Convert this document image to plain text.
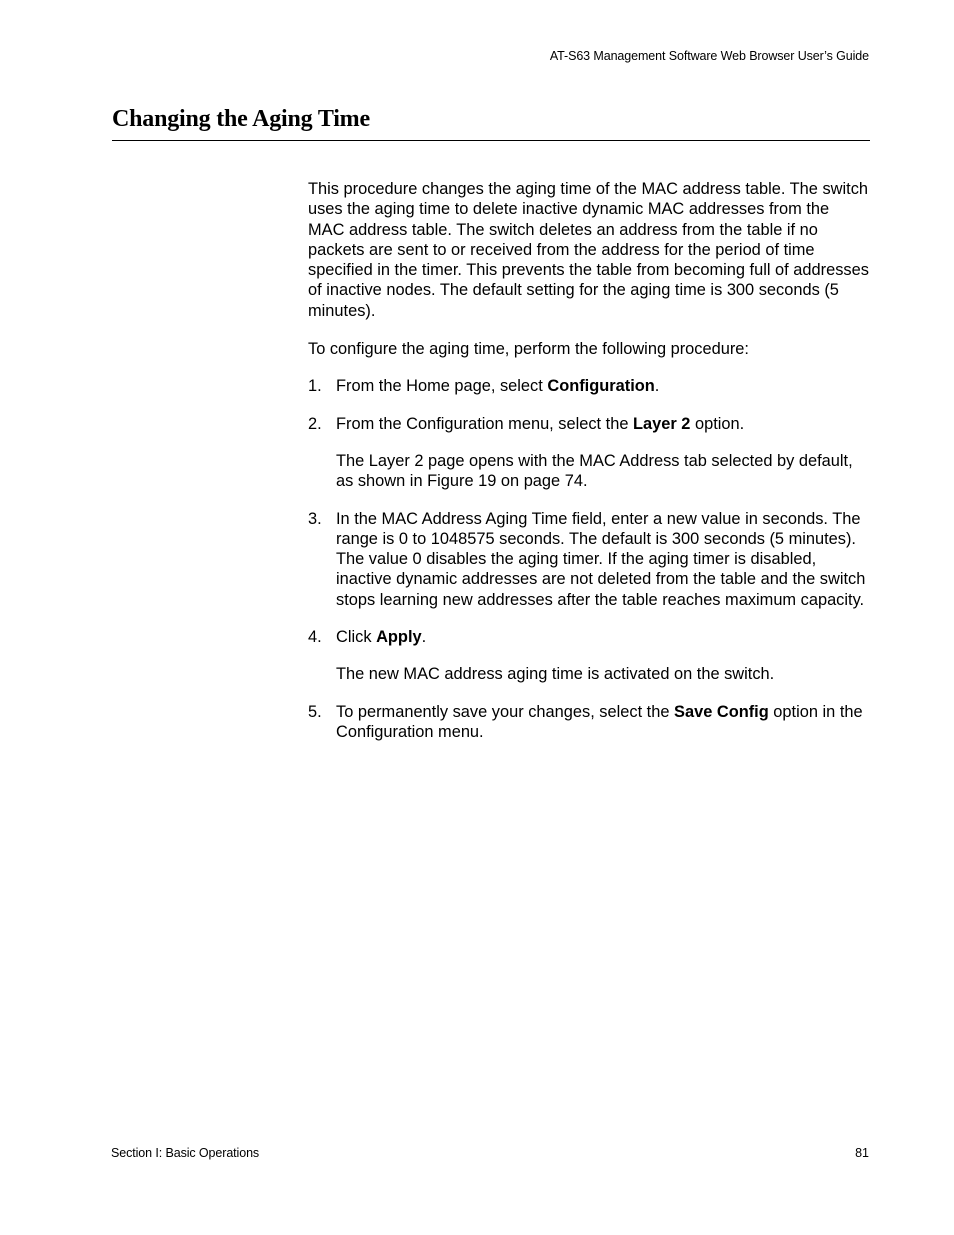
AT-S63 Management Software Web Browser User’s Guide
Changing the Aging Time

This procedure changes the aging time of the MAC address table. The switch uses the aging time to delete inactive dynamic MAC addresses from the MAC address table. The switch deletes an address from the table if no packets are sent to or received from the address for the period of time specified in the timer. This prevents the table from becoming full of addresses of inactive nodes. The default setting for the aging time is 300 seconds (5 minutes).

To configure the aging time, perform the following procedure:

1. From the Home page, select Configuration.
2. From the Configuration menu, select the Layer 2 option.

The Layer 2 page opens with the MAC Address tab selected by default, as shown in Figure 19 on page 74.

3. In the MAC Address Aging Time field, enter a new value in seconds. The range is 0 to 1048575 seconds. The default is 300 seconds (5 minutes). The value 0 disables the aging timer. If the aging timer is disabled, inactive dynamic addresses are not deleted from the table and the switch stops learning new addresses after the table reaches maximum capacity.
4. Click Apply.

The new MAC address aging time is activated on the switch.

5. To permanently save your changes, select the Save Config option in the Configuration menu.
Section I: Basic Operations	81
